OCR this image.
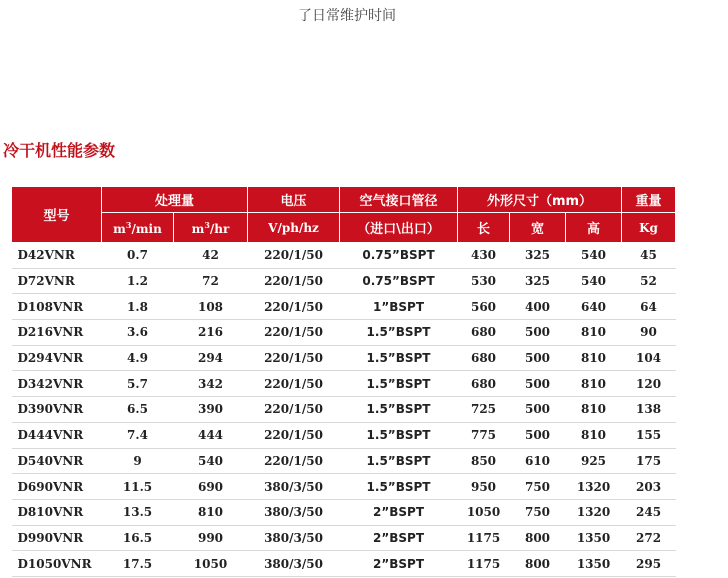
了日常维护时间
冷干机性能参数
型号	处理量		电压	空气接口管径	外形尺寸（mm）			重量
	$m^3/\min$	$m^3/hr$	V/ph/hz	（进口\出口）	长	宽	高	Kg
D42VNR	0.7	42	220/1/50	0.75”BSPT	430	325	540	45
D72VNR	1.2	72	220/1/50	0.75”BSPT	530	325	540	52
D108VNR	1.8	108	220/1/50	1”BSPT	560	400	640	64
D216VNR	3.6	216	220/1/50	1.5”BSPT	680	500	810	90
D294VNR	4.9	294	220/1/50	1.5”BSPT	680	500	810	104
D342VNR	5.7	342	220/1/50	1.5”BSPT	680	500	810	120
D390VNR	6.5	390	220/1/50	1.5”BSPT	725	500	810	138
D444VNR	7.4	444	220/1/50	1.5”BSPT	775	500	810	155
D540VNR	9	540	220/1/50	1.5”BSPT	850	610	925	175
D690VNR	11.5	690	380/3/50	1.5”BSPT	950	750	1320	203
D810VNR	13.5	810	380/3/50	2”BSPT	1050	750	1320	245
D990VNR	16.5	990	380/3/50	2”BSPT	1175	800	1350	272
D1050VNR	17.5	1050	380/3/50	2”BSPT	1175	800	1350	295
